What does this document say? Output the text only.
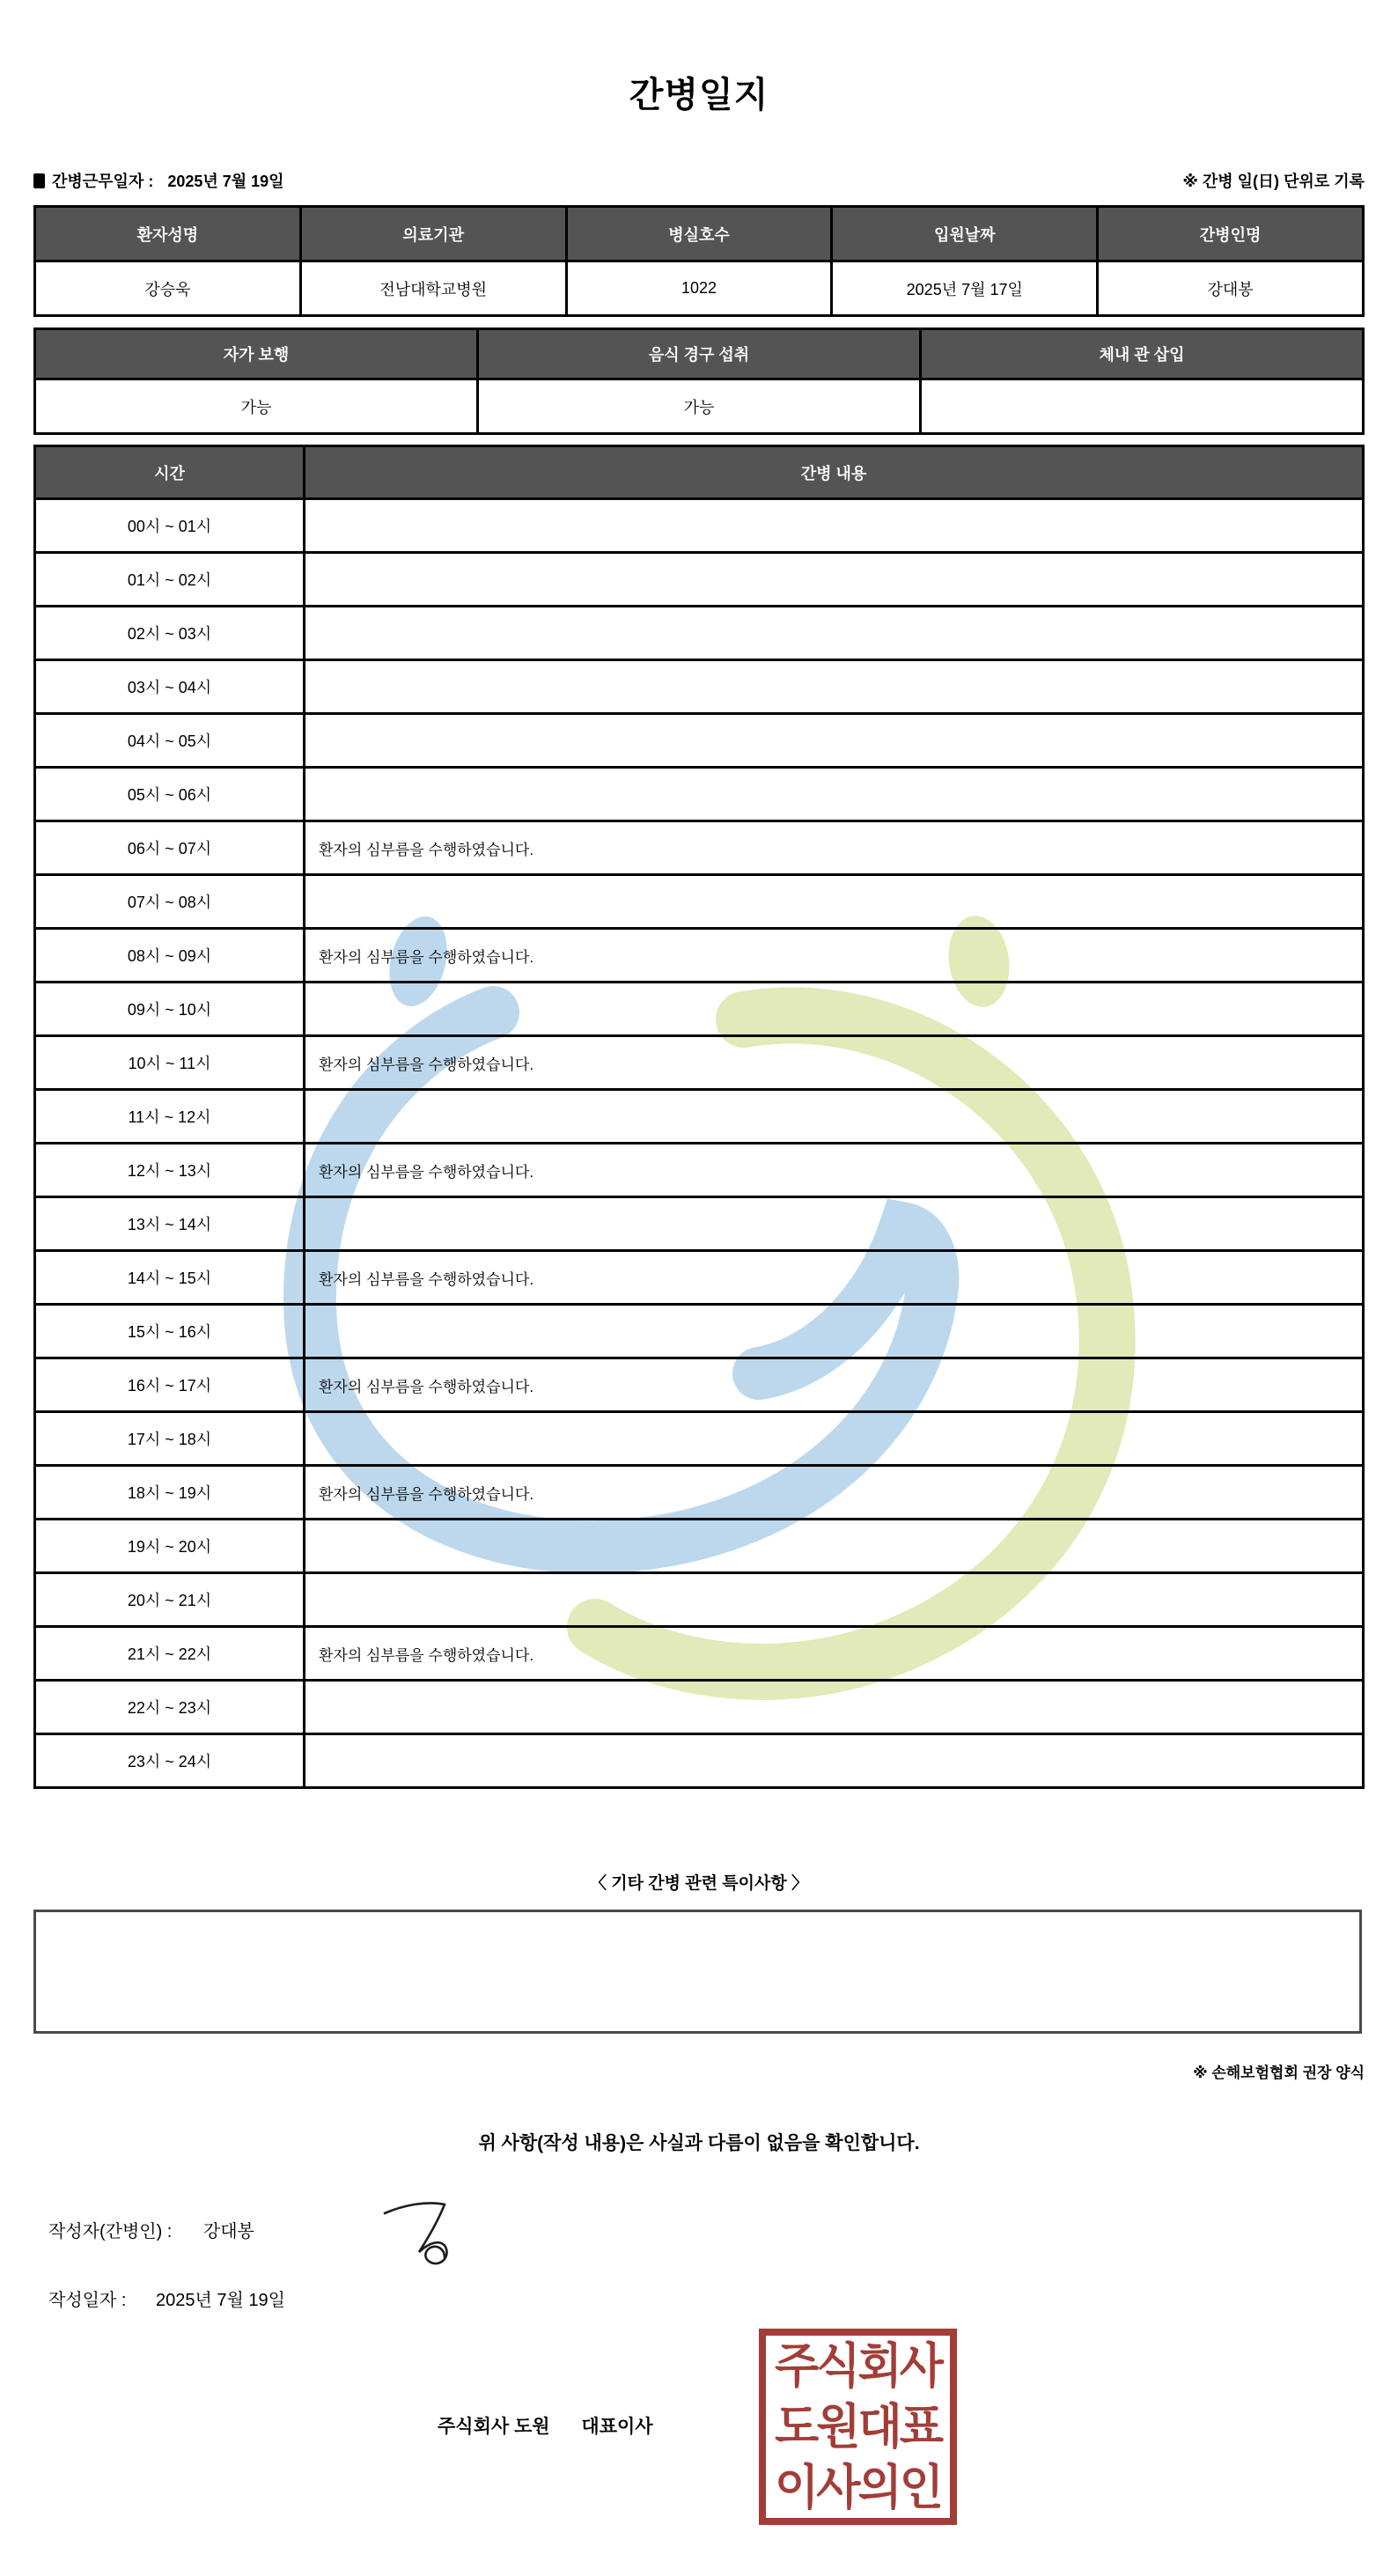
간병일지
간병근무일자 : 2025년 7월 19일	※ 간병 일(日) 단위로 기록
환자성명	의료기관	병실호수	입원날짜	간병인명
강승욱	전남대학교병원	1022	2025년 7월 17일	강대봉
자가 보행	음식 경구 섭취	체내 관 삽입
가능	가능
시간	간병 내용
00시 ~ 01시
01시 ~ 02시
02시 ~ 03시
03시 ~ 04시
04시 ~ 05시
05시 ~ 06시
06시 ~ 07시	환자의 심부름을 수행하였습니다.
07시 ~ 08시
08시 ~ 09시	환자의 심부름을 수행하였습니다.
09시 ~ 10시
10시 ~ 11시	환자의 심부름을 수행하였습니다.
11시 ~ 12시
12시 ~ 13시	환자의 심부름을 수행하였습니다.
13시 ~ 14시
14시 ~ 15시	환자의 심부름을 수행하였습니다.
15시 ~ 16시
16시 ~ 17시	환자의 심부름을 수행하였습니다.
17시 ~ 18시
18시 ~ 19시	환자의 심부름을 수행하였습니다.
19시 ~ 20시
20시 ~ 21시
21시 ~ 22시	환자의 심부름을 수행하였습니다.
22시 ~ 23시
23시 ~ 24시
〈 기타 간병 관련 특이사항 〉
※ 손해보험협회 권장 양식
위 사항(작성 내용)은 사실과 다름이 없음을 확인합니다.
작성자(간병인) : 강대봉
작성일자 : 2025년 7월 19일
주식회사 도원 대표이사
주식회사
도원대표
이사의인
